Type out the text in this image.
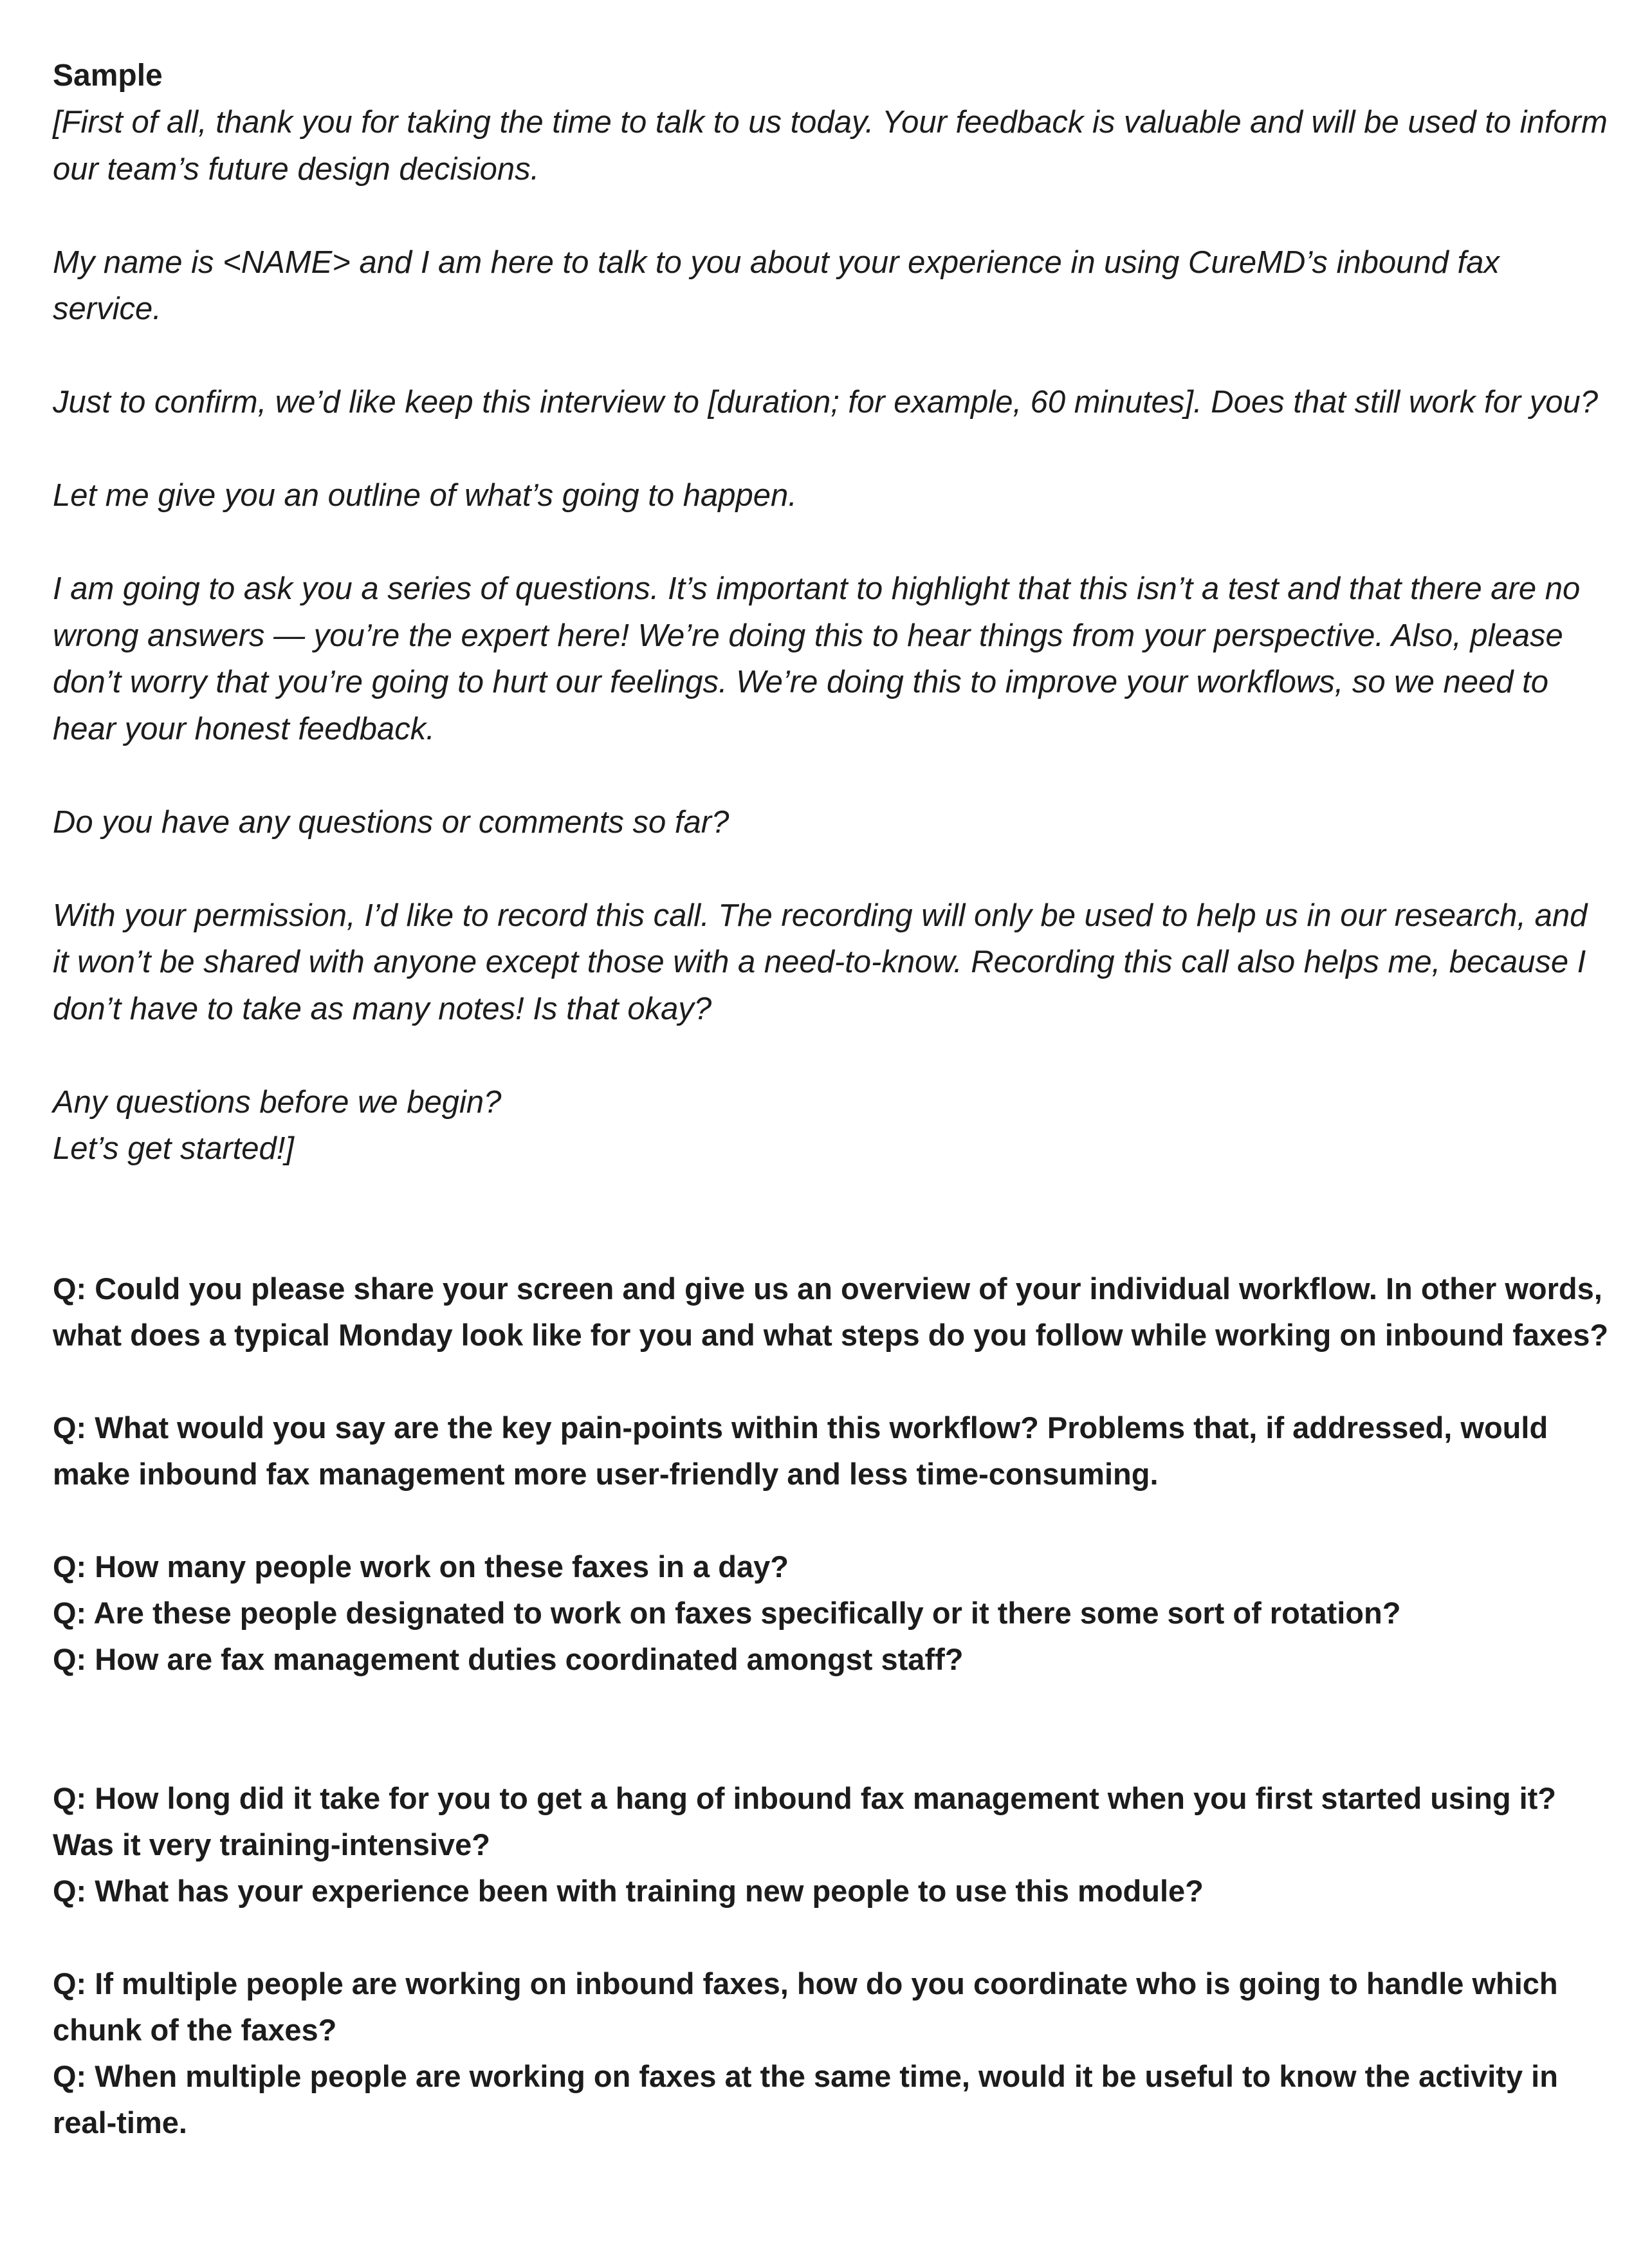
Sample

[First of all, thank you for taking the time to talk to us today. Your feedback is valuable and will be used to inform our team’s future design decisions.

My name is <NAME> and I am here to talk to you about your experience in using CureMD’s inbound fax service.

Just to confirm, we’d like keep this interview to [duration; for example, 60 minutes]. Does that still work for you?

Let me give you an outline of what’s going to happen.

I am going to ask you a series of questions. It’s important to highlight that this isn’t a test and that there are no wrong answers — you’re the expert here! We’re doing this to hear things from your perspective. Also, please don’t worry that you’re going to hurt our feelings. We’re doing this to improve your workflows, so we need to hear your honest feedback.

Do you have any questions or comments so far?

With your permission, I’d like to record this call. The recording will only be used to help us in our research, and it won’t be shared with anyone except those with a need-to-know. Recording this call also helps me, because I don’t have to take as many notes! Is that okay?

Any questions before we begin?

Let’s get started!]

Q: Could you please share your screen and give us an overview of your individual workflow. In other words, what does a typical Monday look like for you and what steps do you follow while working on inbound faxes?

Q: What would you say are the key pain-points within this workflow? Problems that, if addressed, would make inbound fax management more user-friendly and less time-consuming.

Q: How many people work on these faxes in a day?

Q: Are these people designated to work on faxes specifically or it there some sort of rotation?

Q: How are fax management duties coordinated amongst staff?

Q: How long did it take for you to get a hang of inbound fax management when you first started using it? Was it very training-intensive?

Q: What has your experience been with training new people to use this module?

Q: If multiple people are working on inbound faxes, how do you coordinate who is going to handle which chunk of the faxes?

Q: When multiple people are working on faxes at the same time, would it be useful to know the activity in real-time.
